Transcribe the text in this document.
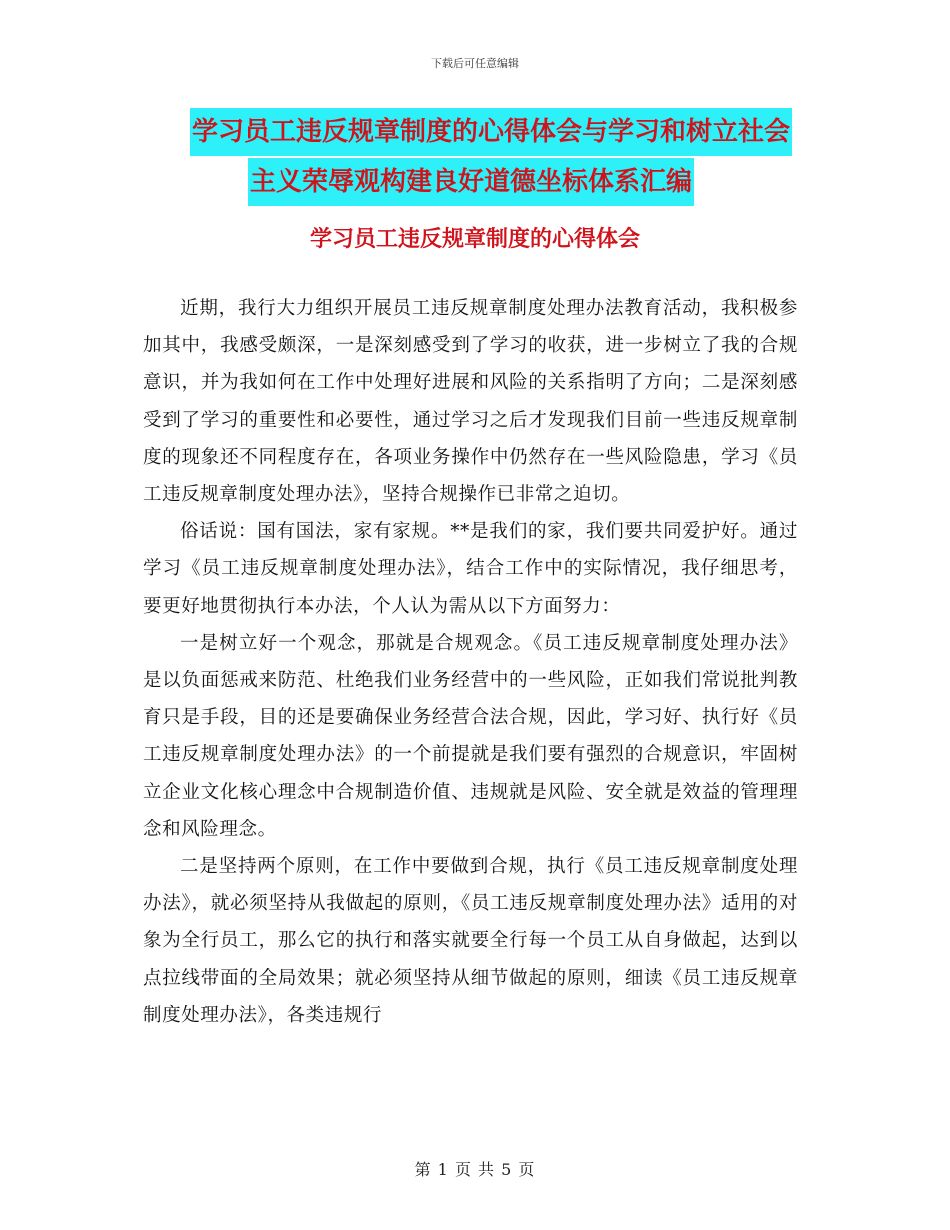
下载后可任意编辑
学习员工违反规章制度的心得体会与学习和树立社会
主义荣辱观构建良好道德坐标体系汇编
学习员工违反规章制度的心得体会

近期，我行大力组织开展员工违反规章制度处理办法教育活动，我积极参加其中，我感受颇深，一是深刻感受到了学习的收获，进一步树立了我的合规意识，并为我如何在工作中处理好进展和风险的关系指明了方向；二是深刻感受到了学习的重要性和必要性，通过学习之后才发现我们目前一些违反规章制度的现象还不同程度存在，各项业务操作中仍然存在一些风险隐患，学习《员工违反规章制度处理办法》，坚持合规操作已非常之迫切。

俗话说：国有国法，家有家规。**是我们的家，我们要共同爱护好。通过学习《员工违反规章制度处理办法》，结合工作中的实际情况，我仔细思考，要更好地贯彻执行本办法，个人认为需从以下方面努力：

一是树立好一个观念，那就是合规观念。《员工违反规章制度处理办法》是以负面惩戒来防范、杜绝我们业务经营中的一些风险，正如我们常说批判教育只是手段，目的还是要确保业务经营合法合规，因此，学习好、执行好《员工违反规章制度处理办法》的一个前提就是我们要有强烈的合规意识，牢固树立企业文化核心理念中合规制造价值、违规就是风险、安全就是效益的管理理念和风险理念。

二是坚持两个原则，在工作中要做到合规，执行《员工违反规章制度处理办法》，就必须坚持从我做起的原则，《员工违反规章制度处理办法》适用的对象为全行员工，那么它的执行和落实就要全行每一个员工从自身做起，达到以点拉线带面的全局效果；就必须坚持从细节做起的原则，细读《员工违反规章制度处理办法》，各类违规行

第 1 页 共 5 页
